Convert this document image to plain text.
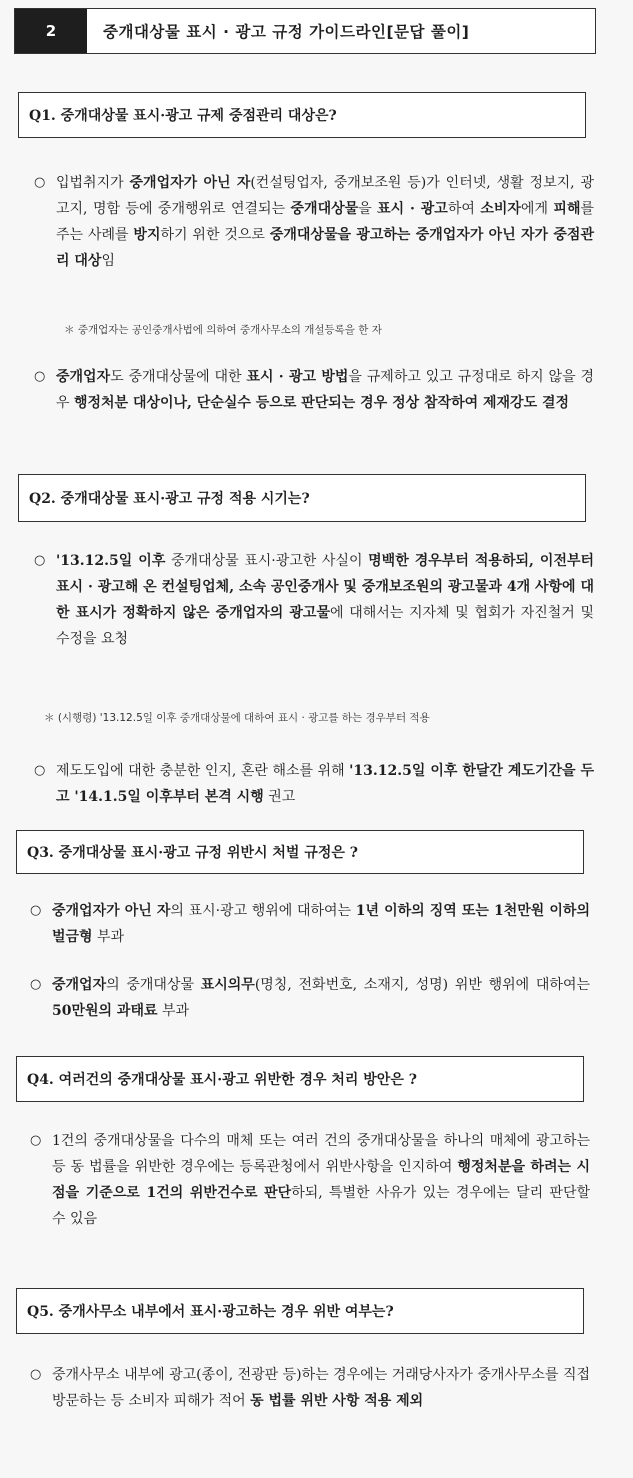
2	중개대상물 표시 · 광고 규정 가이드라인[문답 풀이]
Q1. 중개대상물 표시·광고 규제 중점관리 대상은?
○ 입법취지가 중개업자가 아닌 자(컨설팅업자, 중개보조원 등)가 인터넷, 생활 정보지, 광고지, 명함 등에 중개행위로 연결되는 중개대상물을 표시 · 광고하여 소비자에게 피해를 주는 사례를 방지하기 위한 것으로 중개대상물을 광고하는 중개업자가 아닌 자가 중점관리 대상임
＊ 중개업자는 공인중개사법에 의하여 중개사무소의 개설등록을 한 자
○ 중개업자도 중개대상물에 대한 표시 · 광고 방법을 규제하고 있고 규정대로 하지 않을 경우 행정처분 대상이나, 단순실수 등으로 판단되는 경우 정상 참작하여 제재강도 결정
Q2. 중개대상물 표시·광고 규정 적용 시기는?
○ '13.12.5일 이후 중개대상물 표시·광고한 사실이 명백한 경우부터 적용하되, 이전부터 표시 · 광고해 온 컨설팅업체, 소속 공인중개사 및 중개보조원의 광고물과 4개 사항에 대한 표시가 정확하지 않은 중개업자의 광고물에 대해서는 지자체 및 협회가 자진철거 및 수정을 요청
＊ (시행령) '13.12.5일 이후 중개대상물에 대하여 표시 · 광고를 하는 경우부터 적용
○ 제도도입에 대한 충분한 인지, 혼란 해소를 위해 '13.12.5일 이후 한달간 계도기간을 두고 '14.1.5일 이후부터 본격 시행 권고
Q3. 중개대상물 표시·광고 규정 위반시 처벌 규정은 ?
○ 중개업자가 아닌 자의 표시·광고 행위에 대하여는 1년 이하의 징역 또는 1천만원 이하의 벌금형 부과
○ 중개업자의 중개대상물 표시의무(명칭, 전화번호, 소재지, 성명) 위반 행위에 대하여는 50만원의 과태료 부과
Q4. 여러건의 중개대상물 표시·광고 위반한 경우 처리 방안은 ?
○ 1건의 중개대상물을 다수의 매체 또는 여러 건의 중개대상물을 하나의 매체에 광고하는 등 동 법률을 위반한 경우에는 등록관청에서 위반사항을 인지하여 행정처분을 하려는 시점을 기준으로 1건의 위반건수로 판단하되, 특별한 사유가 있는 경우에는 달리 판단할 수 있음
Q5. 중개사무소 내부에서 표시·광고하는 경우 위반 여부는?
○ 중개사무소 내부에 광고(종이, 전광판 등)하는 경우에는 거래당사자가 중개사무소를 직접 방문하는 등 소비자 피해가 적어 동 법률 위반 사항 적용 제외
